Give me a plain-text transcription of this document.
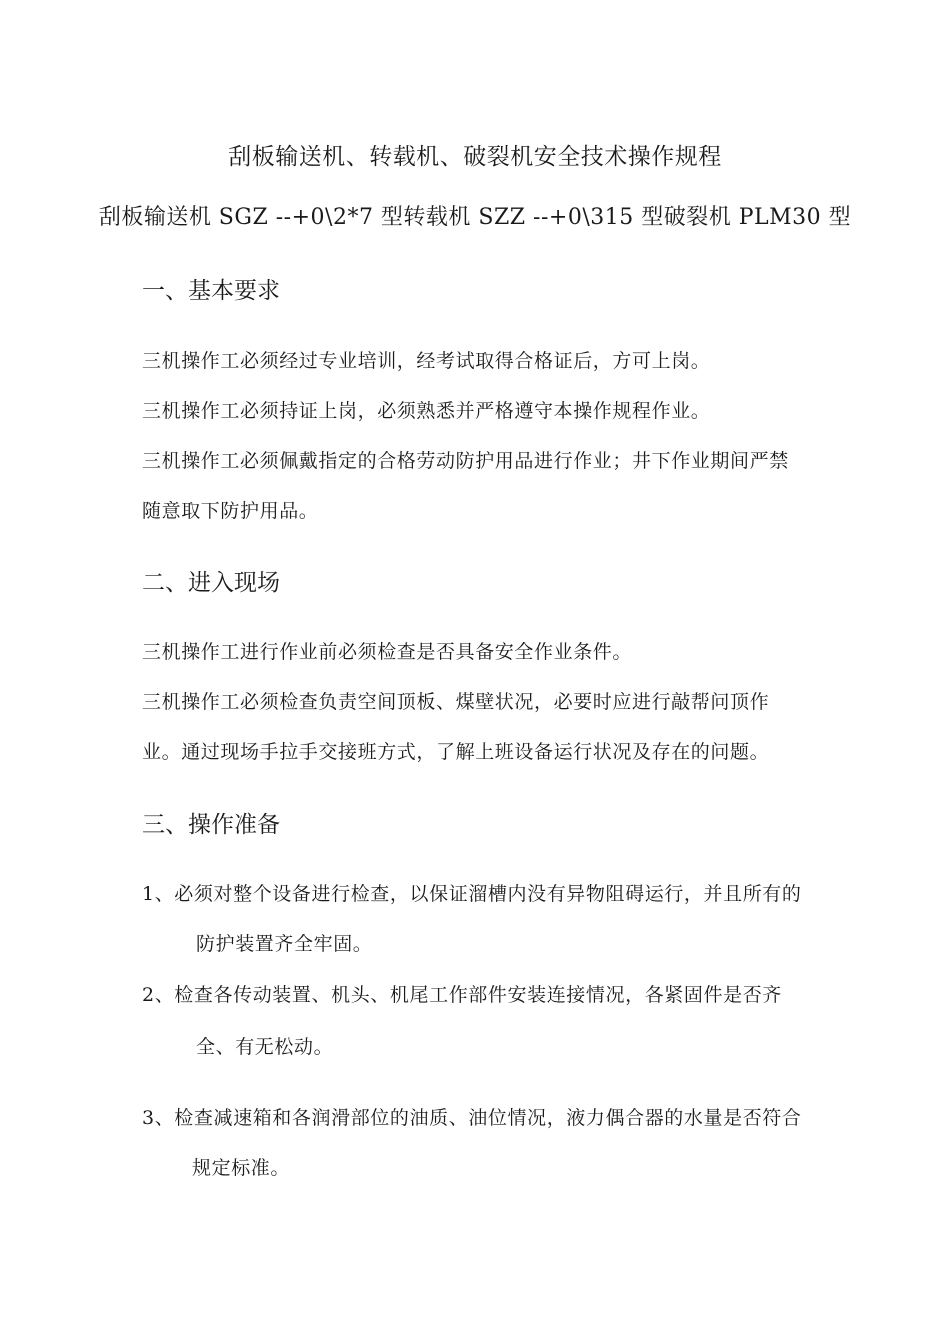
刮板输送机、转载机、破裂机安全技术操作规程
刮板输送机 SGZ --+0\2*7 型转载机 SZZ --+0\315 型破裂机 PLM30 型
一、基本要求
三机操作工必须经过专业培训，经考试取得合格证后，方可上岗。
三机操作工必须持证上岗，必须熟悉并严格遵守本操作规程作业。
三机操作工必须佩戴指定的合格劳动防护用品进行作业；井下作业期间严禁
随意取下防护用品。
二、进入现场
三机操作工进行作业前必须检查是否具备安全作业条件。
三机操作工必须检查负责空间顶板、煤壁状况，必要时应进行敲帮问顶作
业。通过现场手拉手交接班方式，了解上班设备运行状况及存在的问题。
三、操作准备
1、必须对整个设备进行检查，以保证溜槽内没有异物阻碍运行，并且所有的
防护装置齐全牢固。
2、检查各传动装置、机头、机尾工作部件安装连接情况，各紧固件是否齐
全、有无松动。
3、检查减速箱和各润滑部位的油质、油位情况，液力偶合器的水量是否符合
规定标准。
